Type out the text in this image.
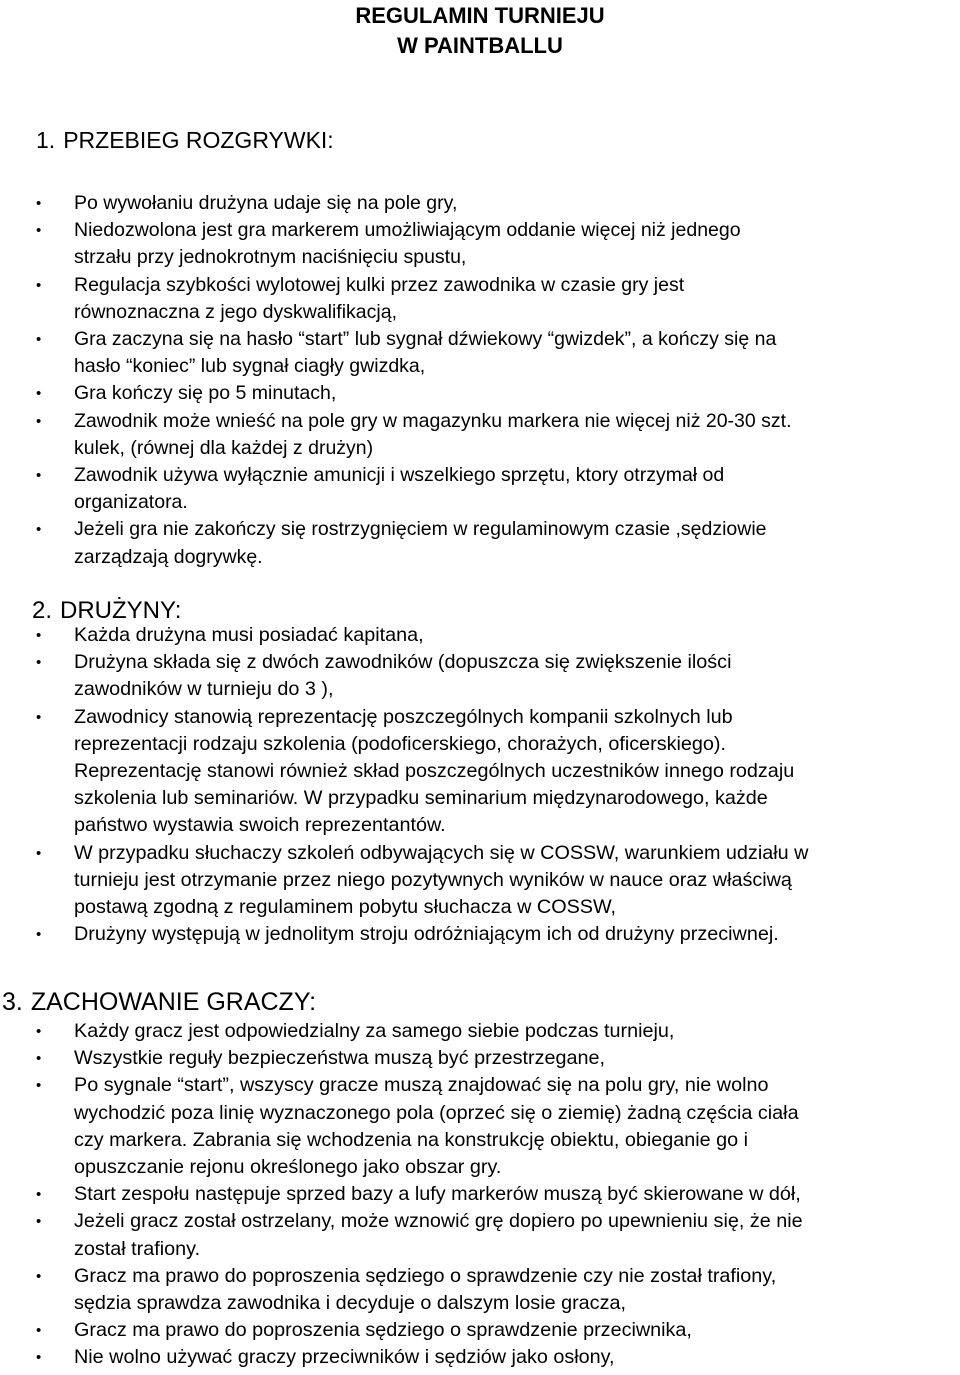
REGULAMIN TURNIEJU
W PAINTBALLU
1. PRZEBIEG ROZGRYWKI:
• Po wywołaniu drużyna udaje się na pole gry,
• Niedozwolona jest gra markerem umożliwiającym oddanie więcej niż jednego
strzału przy jednokrotnym naciśnięciu spustu,
• Regulacja szybkości wylotowej kulki przez zawodnika w czasie gry jest
równoznaczna z jego dyskwalifikacją,
• Gra zaczyna się na hasło “start” lub sygnał dźwiekowy “gwizdek”, a kończy się na
hasło “koniec” lub sygnał ciagły gwizdka,
• Gra kończy się po 5 minutach,
• Zawodnik może wnieść na pole gry w magazynku markera nie więcej niż 20-30 szt.
kulek, (równej dla każdej z drużyn)
• Zawodnik używa wyłącznie amunicji i wszelkiego sprzętu, ktory otrzymał od
organizatora.
• Jeżeli gra nie zakończy się rostrzygnięciem w regulaminowym czasie ,sędziowie
zarządzają dogrywkę.
2. DRUŻYNY:
• Każda drużyna musi posiadać kapitana,
• Drużyna składa się z dwóch zawodników (dopuszcza się zwiększenie ilości
zawodników w turnieju do 3 ),
• Zawodnicy stanowią reprezentację poszczególnych kompanii szkolnych lub
reprezentacji rodzaju szkolenia (podoficerskiego, chorażych, oficerskiego).
Reprezentację stanowi również skład poszczególnych uczestników innego rodzaju
szkolenia lub seminariów. W przypadku seminarium międzynarodowego, każde
państwo wystawia swoich reprezentantów.
• W przypadku słuchaczy szkoleń odbywających się w COSSW, warunkiem udziału w
turnieju jest otrzymanie przez niego pozytywnych wyników w nauce oraz właściwą
postawą zgodną z regulaminem pobytu słuchacza w COSSW,
• Drużyny występują w jednolitym stroju odróżniającym ich od drużyny przeciwnej.
3. ZACHOWANIE GRACZY:
• Każdy gracz jest odpowiedzialny za samego siebie podczas turnieju,
• Wszystkie reguły bezpieczeństwa muszą być przestrzegane,
• Po sygnale “start”, wszyscy gracze muszą znajdować się na polu gry, nie wolno
wychodzić poza linię wyznaczonego pola (oprzeć się o ziemię) żadną częścia ciała
czy markera. Zabrania się wchodzenia na konstrukcję obiektu, obieganie go i
opuszczanie rejonu określonego jako obszar gry.
• Start zespołu następuje sprzed bazy a lufy markerów muszą być skierowane w dół,
• Jeżeli gracz został ostrzelany, może wznowić grę dopiero po upewnieniu się, że nie
został trafiony.
• Gracz ma prawo do poproszenia sędziego o sprawdzenie czy nie został trafiony,
sędzia sprawdza zawodnika i decyduje o dalszym losie gracza,
• Gracz ma prawo do poproszenia sędziego o sprawdzenie przeciwnika,
• Nie wolno używać graczy przeciwników i sędziów jako osłony,
